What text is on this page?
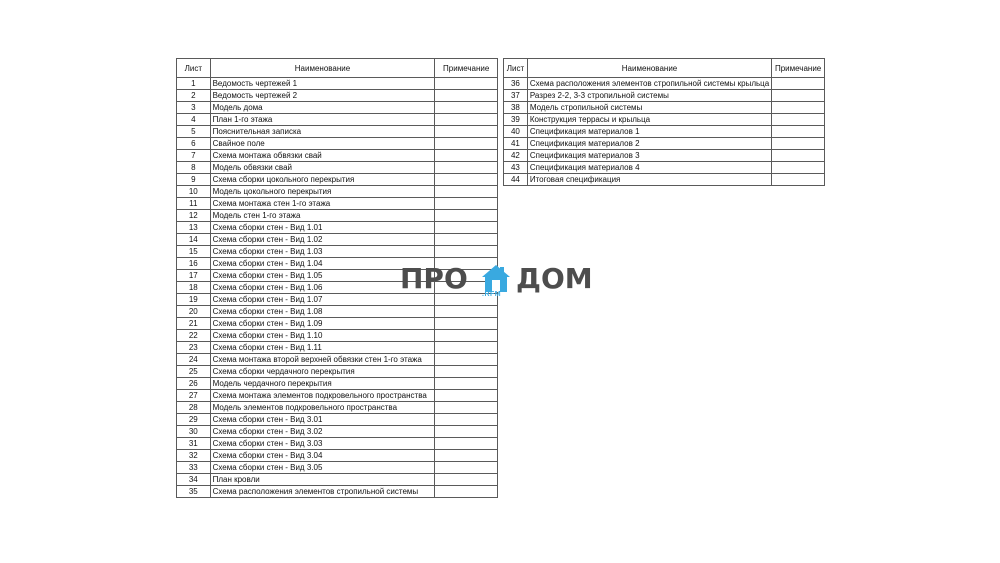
Лист	Наименование	Примечание
1	Ведомость чертежей 1	
2	Ведомость чертежей 2	
3	Модель дома	
4	План 1-го этажа	
5	Пояснительная записка	
6	Свайное поле	
7	Схема монтажа обвязки свай	
8	Модель обвязки свай	
9	Схема сборки цокольного перекрытия	
10	Модель цокольного перекрытия	
11	Схема монтажа стен 1-го этажа	
12	Модель стен 1-го этажа	
13	Схема сборки стен - Вид 1.01	
14	Схема сборки стен - Вид 1.02	
15	Схема сборки стен - Вид 1.03	
16	Схема сборки стен - Вид 1.04	
17	Схема сборки стен - Вид 1.05	
18	Схема сборки стен - Вид 1.06	
19	Схема сборки стен - Вид 1.07	
20	Схема сборки стен - Вид 1.08	
21	Схема сборки стен - Вид 1.09	
22	Схема сборки стен - Вид 1.10	
23	Схема сборки стен - Вид 1.11	
24	Схема монтажа второй верхней обвязки стен 1-го этажа	
25	Схема сборки чердачного перекрытия	
26	Модель чердачного перекрытия	
27	Схема монтажа элементов подкровельного пространства	
28	Модель элементов подкровельного пространства	
29	Схема сборки стен - Вид 3.01	
30	Схема сборки стен - Вид 3.02	
31	Схема сборки стен - Вид 3.03	
32	Схема сборки стен - Вид 3.04	
33	Схема сборки стен - Вид 3.05	
34	План кровли	
35	Схема расположения элементов стропильной системы	
Лист	Наименование	Примечание
36	Схема расположения элементов стропильной системы крыльца	
37	Разрез 2-2, 3-3 стропильной системы	
38	Модель стропильной системы	
39	Конструкция террасы и крыльца	
40	Спецификация материалов 1	
41	Спецификация материалов 2	
42	Спецификация материалов 3	
43	Спецификация материалов 4	
44	Итоговая спецификация	
ПРО .RFM ДОМ
